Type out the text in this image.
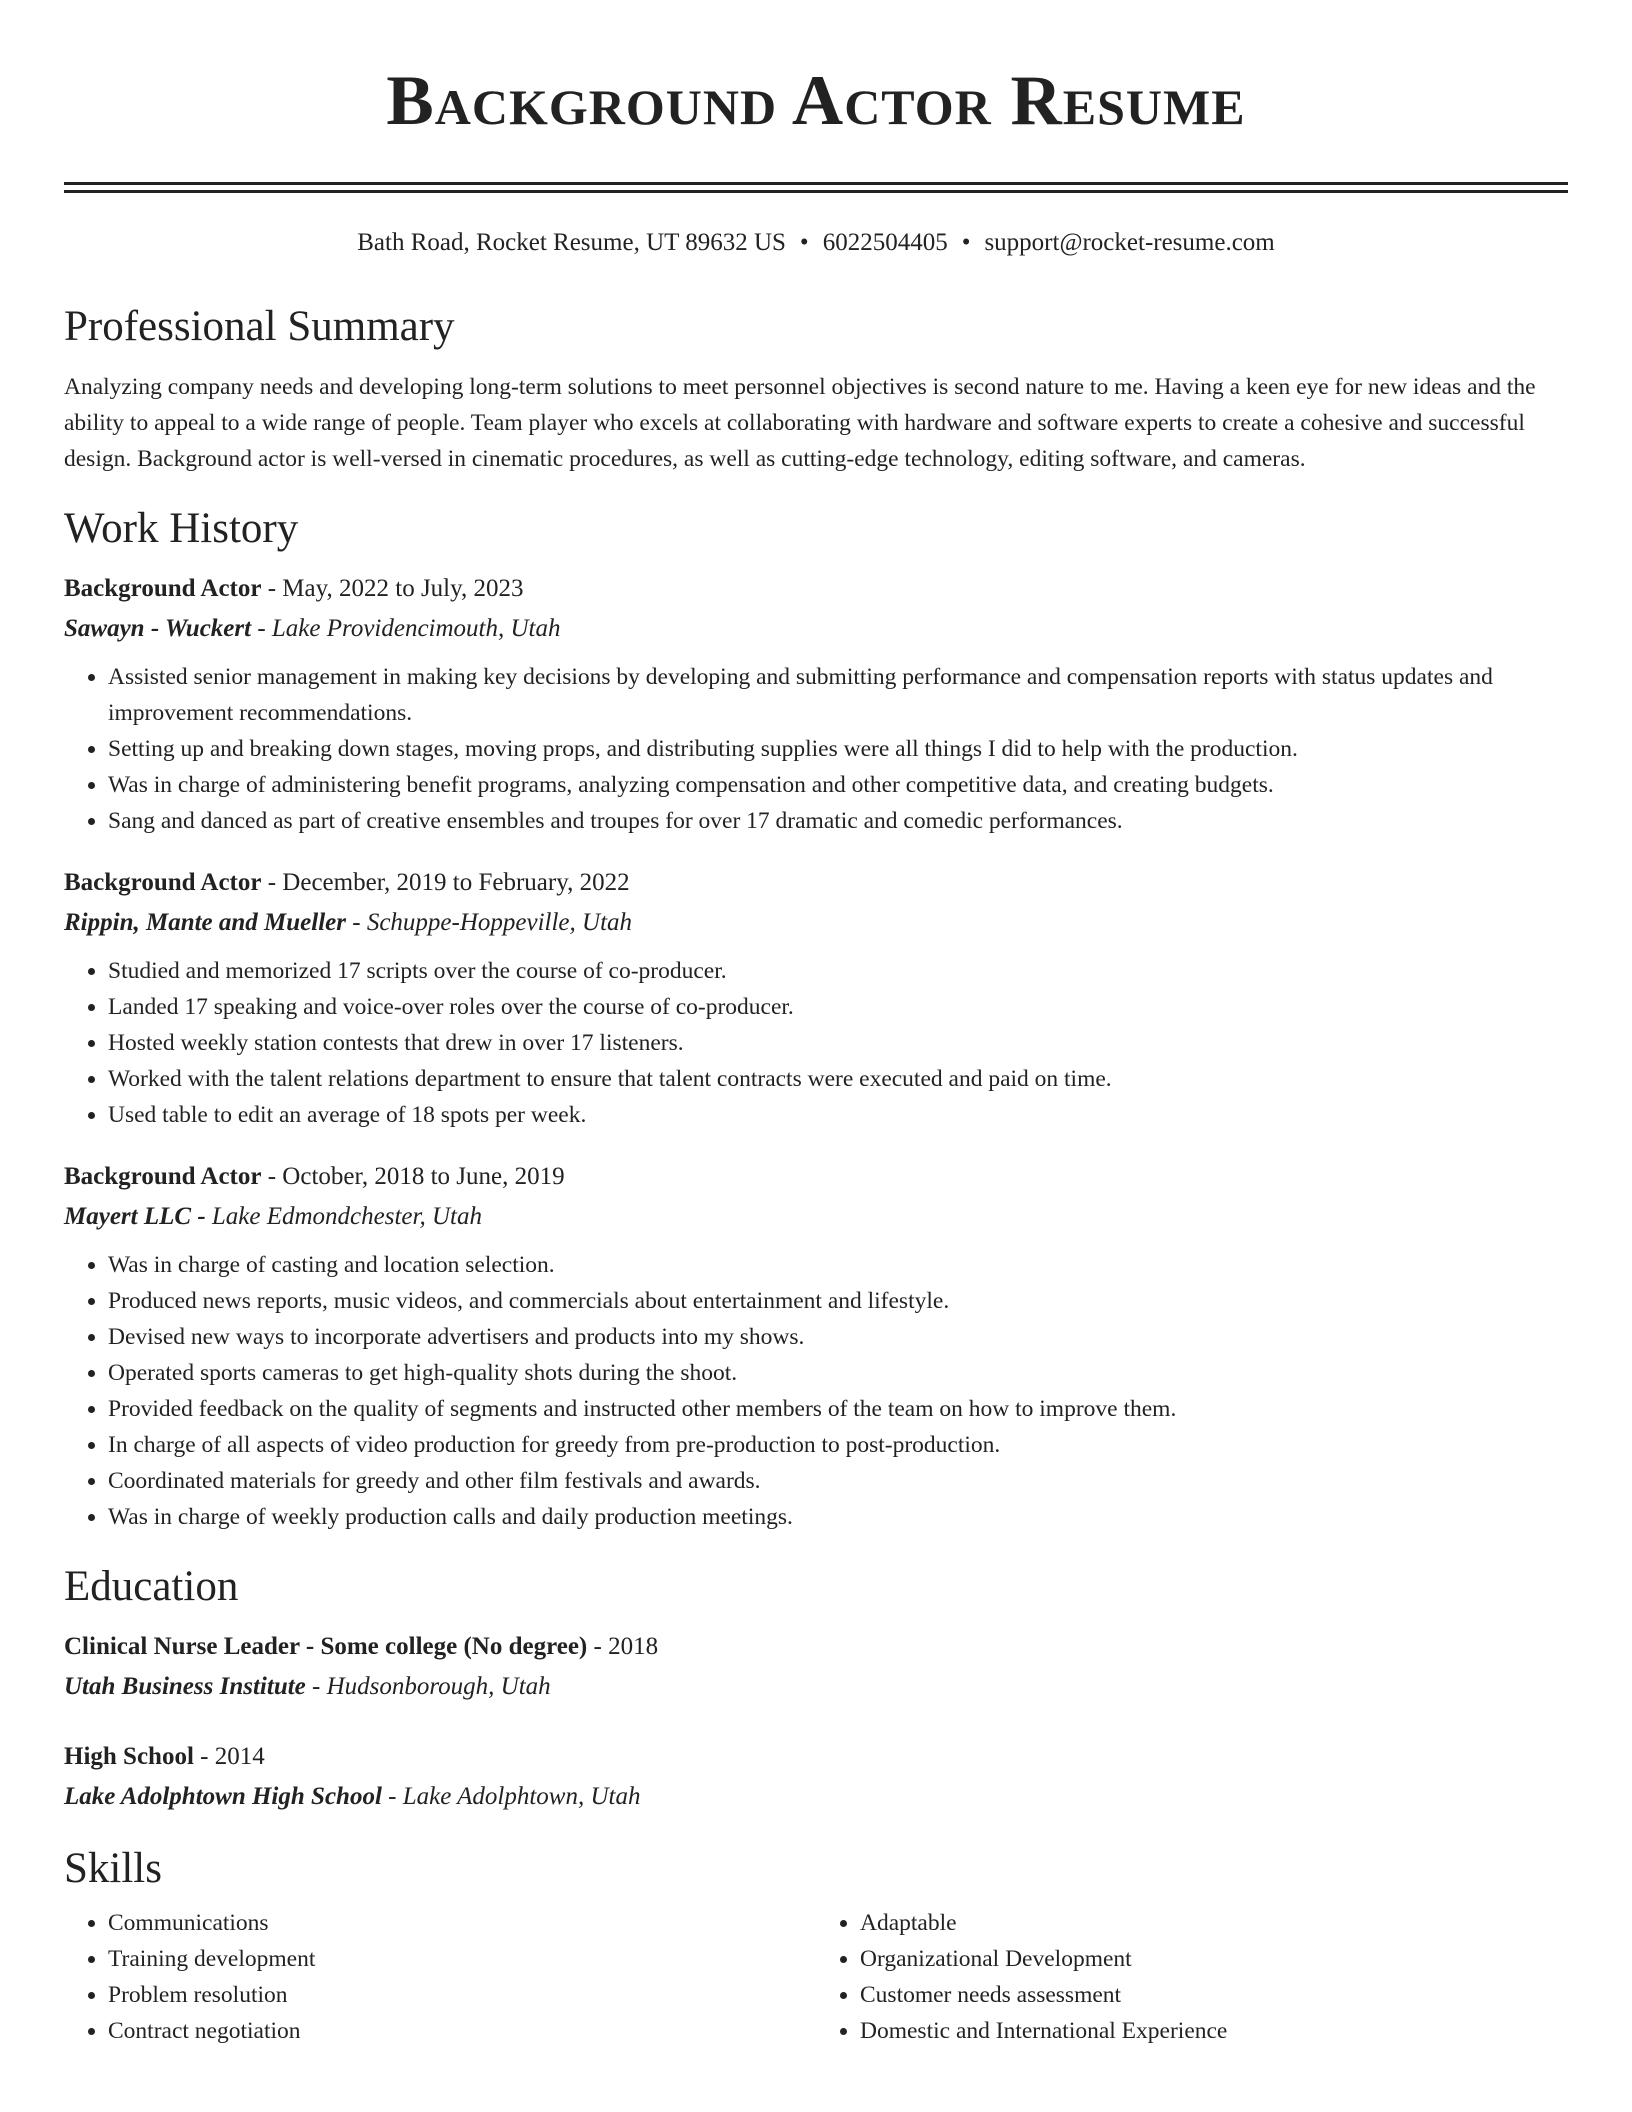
Background Actor Resume
Bath Road, Rocket Resume, UT 89632 US • 6022504405 • support@rocket-resume.com
Professional Summary

Analyzing company needs and developing long-term solutions to meet personnel objectives is second nature to me. Having a keen eye for new ideas and the ability to appeal to a wide range of people. Team player who excels at collaborating with hardware and software experts to create a cohesive and successful design. Background actor is well-versed in cinematic procedures, as well as cutting-edge technology, editing software, and cameras.

Work History
Background Actor - May, 2022 to July, 2023
Sawayn - Wuckert - Lake Providencimouth, Utah
• Assisted senior management in making key decisions by developing and submitting performance and compensation reports with status updates and improvement recommendations.
• Setting up and breaking down stages, moving props, and distributing supplies were all things I did to help with the production.
• Was in charge of administering benefit programs, analyzing compensation and other competitive data, and creating budgets.
• Sang and danced as part of creative ensembles and troupes for over 17 dramatic and comedic performances.
Background Actor - December, 2019 to February, 2022
Rippin, Mante and Mueller - Schuppe-Hoppeville, Utah
• Studied and memorized 17 scripts over the course of co-producer.
• Landed 17 speaking and voice-over roles over the course of co-producer.
• Hosted weekly station contests that drew in over 17 listeners.
• Worked with the talent relations department to ensure that talent contracts were executed and paid on time.
• Used table to edit an average of 18 spots per week.
Background Actor - October, 2018 to June, 2019
Mayert LLC - Lake Edmondchester, Utah
• Was in charge of casting and location selection.
• Produced news reports, music videos, and commercials about entertainment and lifestyle.
• Devised new ways to incorporate advertisers and products into my shows.
• Operated sports cameras to get high-quality shots during the shoot.
• Provided feedback on the quality of segments and instructed other members of the team on how to improve them.
• In charge of all aspects of video production for greedy from pre-production to post-production.
• Coordinated materials for greedy and other film festivals and awards.
• Was in charge of weekly production calls and daily production meetings.
Education
Clinical Nurse Leader - Some college (No degree) - 2018
Utah Business Institute - Hudsonborough, Utah
High School - 2014
Lake Adolphtown High School - Lake Adolphtown, Utah
Skills
• Communications
• Training development
• Problem resolution
• Contract negotiation
• Adaptable
• Organizational Development
• Customer needs assessment
• Domestic and International Experience
